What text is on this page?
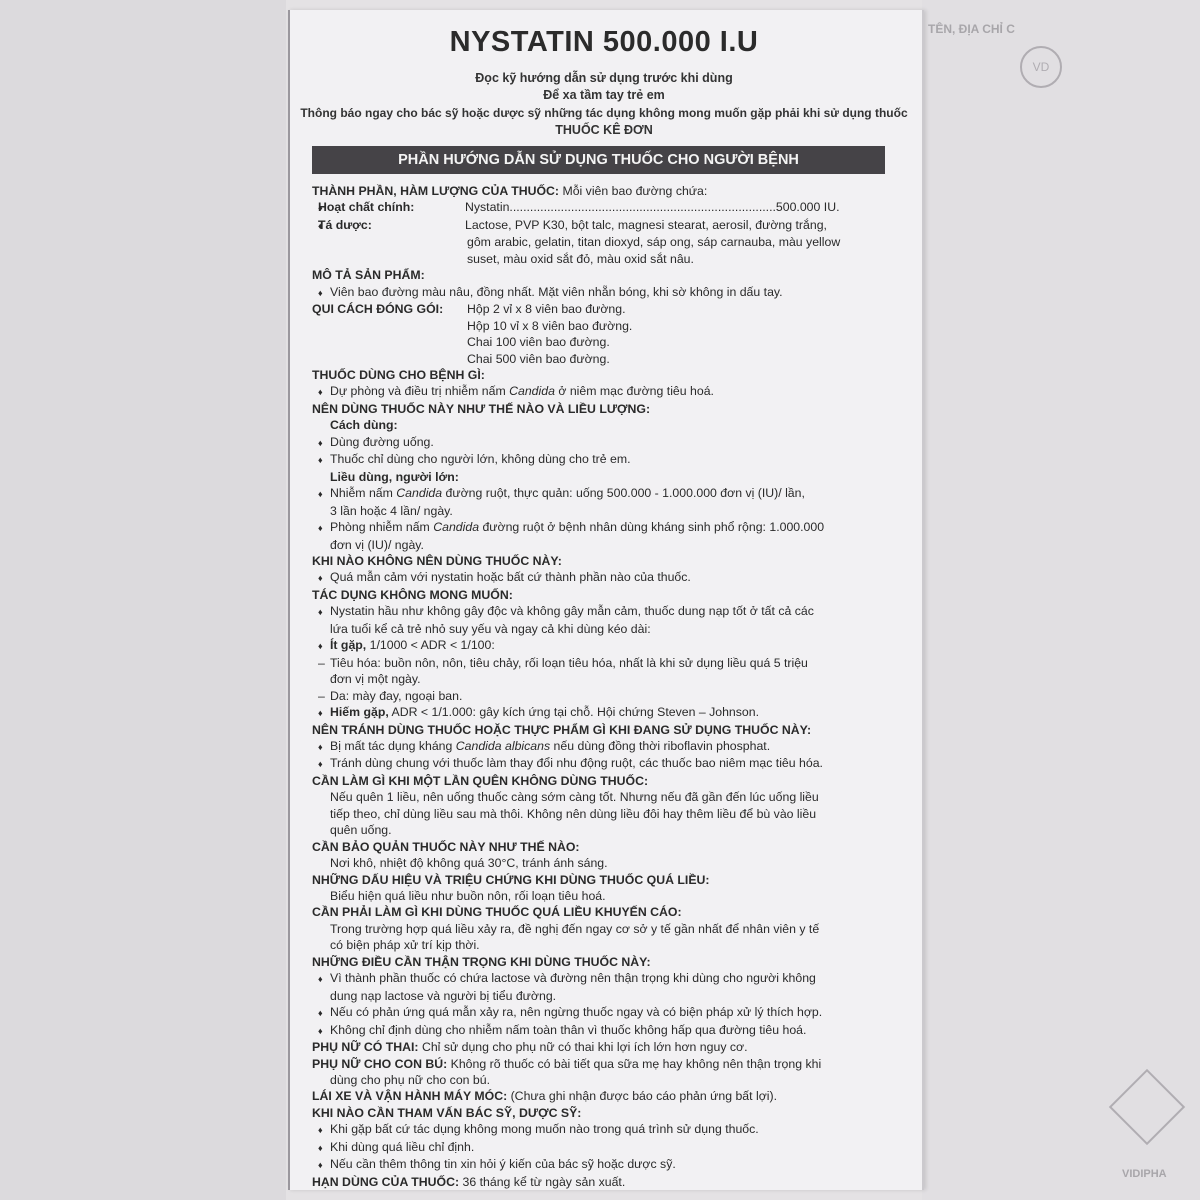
TÊN, ĐỊA CHỈ C
VD
VIDIPHA
NYSTATIN 500.000 I.U
Đọc kỹ hướng dẫn sử dụng trước khi dùng
Để xa tầm tay trẻ em
Thông báo ngay cho bác sỹ hoặc dược sỹ những tác dụng không mong muốn gặp phải khi sử dụng thuốc
THUỐC KÊ ĐƠN
PHẦN HƯỚNG DẪN SỬ DỤNG THUỐC CHO NGƯỜI BỆNH
THÀNH PHẦN, HÀM LƯỢNG CỦA THUỐC: Mỗi viên bao đường chứa:
♦ Hoạt chất chính:	Nystatin..............................................................................500.000 IU.
♦ Tá dược:	Lactose, PVP K30, bột talc, magnesi stearat, aerosil, đường trắng,
gôm arabic, gelatin, titan dioxyd, sáp ong, sáp carnauba, màu yellow
suset, màu oxid sắt đỏ, màu oxid sắt nâu.
MÔ TẢ SẢN PHẨM:
♦ Viên bao đường màu nâu, đồng nhất. Mặt viên nhẵn bóng, khi sờ không in dấu tay.
QUI CÁCH ĐÓNG GÓI: Hộp 2 vỉ x 8 viên bao đường.
Hộp 10 vỉ x 8 viên bao đường.
Chai 100 viên bao đường.
Chai 500 viên bao đường.
THUỐC DÙNG CHO BỆNH GÌ:
♦ Dự phòng và điều trị nhiễm nấm Candida ở niêm mạc đường tiêu hoá.
NÊN DÙNG THUỐC NÀY NHƯ THẾ NÀO VÀ LIỀU LƯỢNG:
Cách dùng:
♦ Dùng đường uống.
♦ Thuốc chỉ dùng cho người lớn, không dùng cho trẻ em.
Liều dùng, người lớn:
♦ Nhiễm nấm Candida đường ruột, thực quản: uống 500.000 - 1.000.000 đơn vị (IU)/ lần,
3 lần hoặc 4 lần/ ngày.
♦ Phòng nhiễm nấm Candida đường ruột ở bệnh nhân dùng kháng sinh phổ rộng: 1.000.000
đơn vị (IU)/ ngày.
KHI NÀO KHÔNG NÊN DÙNG THUỐC NÀY:
♦ Quá mẫn cảm với nystatin hoặc bất cứ thành phần nào của thuốc.
TÁC DỤNG KHÔNG MONG MUỐN:
♦ Nystatin hầu như không gây độc và không gây mẫn cảm, thuốc dung nạp tốt ở tất cả các
lứa tuổi kể cả trẻ nhỏ suy yếu và ngay cả khi dùng kéo dài:
♦ Ít gặp, 1/1000 < ADR < 1/100:
– Tiêu hóa: buồn nôn, nôn, tiêu chảy, rối loạn tiêu hóa, nhất là khi sử dụng liều quá 5 triệu
đơn vị một ngày.
– Da: mày đay, ngoại ban.
♦ Hiếm gặp, ADR < 1/1.000: gây kích ứng tại chỗ. Hội chứng Steven – Johnson.
NÊN TRÁNH DÙNG THUỐC HOẶC THỰC PHẨM GÌ KHI ĐANG SỬ DỤNG THUỐC NÀY:
♦ Bị mất tác dụng kháng Candida albicans nếu dùng đồng thời riboflavin phosphat.
♦ Tránh dùng chung với thuốc làm thay đổi nhu động ruột, các thuốc bao niêm mạc tiêu hóa.
CẦN LÀM GÌ KHI MỘT LẦN QUÊN KHÔNG DÙNG THUỐC:
Nếu quên 1 liều, nên uống thuốc càng sớm càng tốt. Nhưng nếu đã gần đến lúc uống liều
tiếp theo, chỉ dùng liều sau mà thôi. Không nên dùng liều đôi hay thêm liều để bù vào liều
quên uống.
CẦN BẢO QUẢN THUỐC NÀY NHƯ THẾ NÀO:
Nơi khô, nhiệt độ không quá 30°C, tránh ánh sáng.
NHỮNG DẤU HIỆU VÀ TRIỆU CHỨNG KHI DÙNG THUỐC QUÁ LIỀU:
Biểu hiện quá liều như buồn nôn, rối loạn tiêu hoá.
CẦN PHẢI LÀM GÌ KHI DÙNG THUỐC QUÁ LIỀU KHUYẾN CÁO:
Trong trường hợp quá liều xảy ra, đề nghị đến ngay cơ sở y tế gần nhất để nhân viên y tế
có biện pháp xử trí kịp thời.
NHỮNG ĐIỀU CẦN THẬN TRỌNG KHI DÙNG THUỐC NÀY:
♦ Vì thành phần thuốc có chứa lactose và đường nên thận trọng khi dùng cho người không
dung nạp lactose và người bị tiểu đường.
♦ Nếu có phản ứng quá mẫn xảy ra, nên ngừng thuốc ngay và có biện pháp xử lý thích hợp.
♦ Không chỉ định dùng cho nhiễm nấm toàn thân vì thuốc không hấp qua đường tiêu hoá.
PHỤ NỮ CÓ THAI: Chỉ sử dụng cho phụ nữ có thai khi lợi ích lớn hơn nguy cơ.
PHỤ NỮ CHO CON BÚ: Không rõ thuốc có bài tiết qua sữa mẹ hay không nên thận trọng khi
dùng cho phụ nữ cho con bú.
LÁI XE VÀ VẬN HÀNH MÁY MÓC: (Chưa ghi nhận được báo cáo phản ứng bất lợi).
KHI NÀO CẦN THAM VẤN BÁC SỸ, DƯỢC SỸ:
♦ Khi gặp bất cứ tác dụng không mong muốn nào trong quá trình sử dụng thuốc.
♦ Khi dùng quá liều chỉ định.
♦ Nếu cần thêm thông tin xin hỏi ý kiến của bác sỹ hoặc dược sỹ.
HẠN DÙNG CỦA THUỐC: 36 tháng kể từ ngày sản xuất.
